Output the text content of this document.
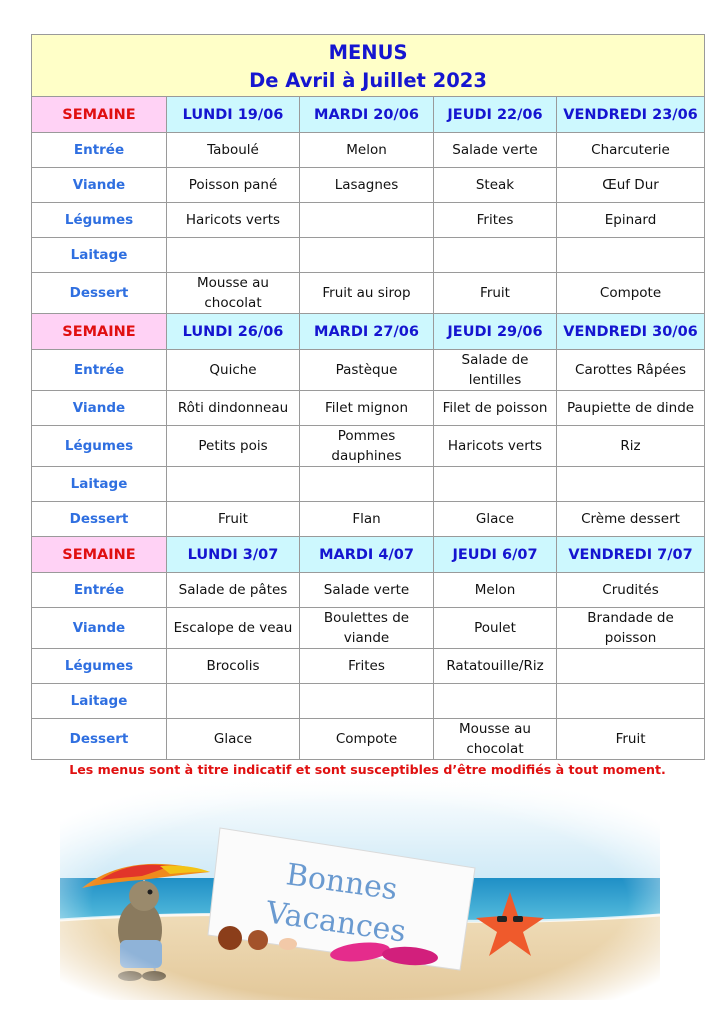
MENUS
De Avril à Juillet 2023				

SEMAINE	LUNDI 19/06	MARDI 20/06	JEUDI 22/06	VENDREDI 23/06
Entrée	Taboulé	Melon	Salade verte	Charcuterie
Viande	Poisson pané	Lasagnes	Steak	Œuf Dur
Légumes	Haricots verts		Frites	Epinard
Laitage				
Dessert	Mousse au chocolat	Fruit au sirop	Fruit	Compote
SEMAINE	LUNDI 26/06	MARDI 27/06	JEUDI 29/06	VENDREDI 30/06
Entrée	Quiche	Pastèque	Salade de lentilles	Carottes Râpées
Viande	Rôti dindonneau	Filet mignon	Filet de poisson	Paupiette de dinde
Légumes	Petits pois	Pommes dauphines	Haricots verts	Riz
Laitage				
Dessert	Fruit	Flan	Glace	Crème dessert
SEMAINE	LUNDI 3/07	MARDI 4/07	JEUDI 6/07	VENDREDI 7/07
Entrée	Salade de pâtes	Salade verte	Melon	Crudités
Viande	Escalope de veau	Boulettes de viande	Poulet	Brandade de poisson
Légumes	Brocolis	Frites	Ratatouille/Riz	
Laitage				
Dessert	Glace	Compote	Mousse au chocolat	Fruit
Les menus sont à titre indicatif et sont susceptibles d’être modifiés à tout moment.
